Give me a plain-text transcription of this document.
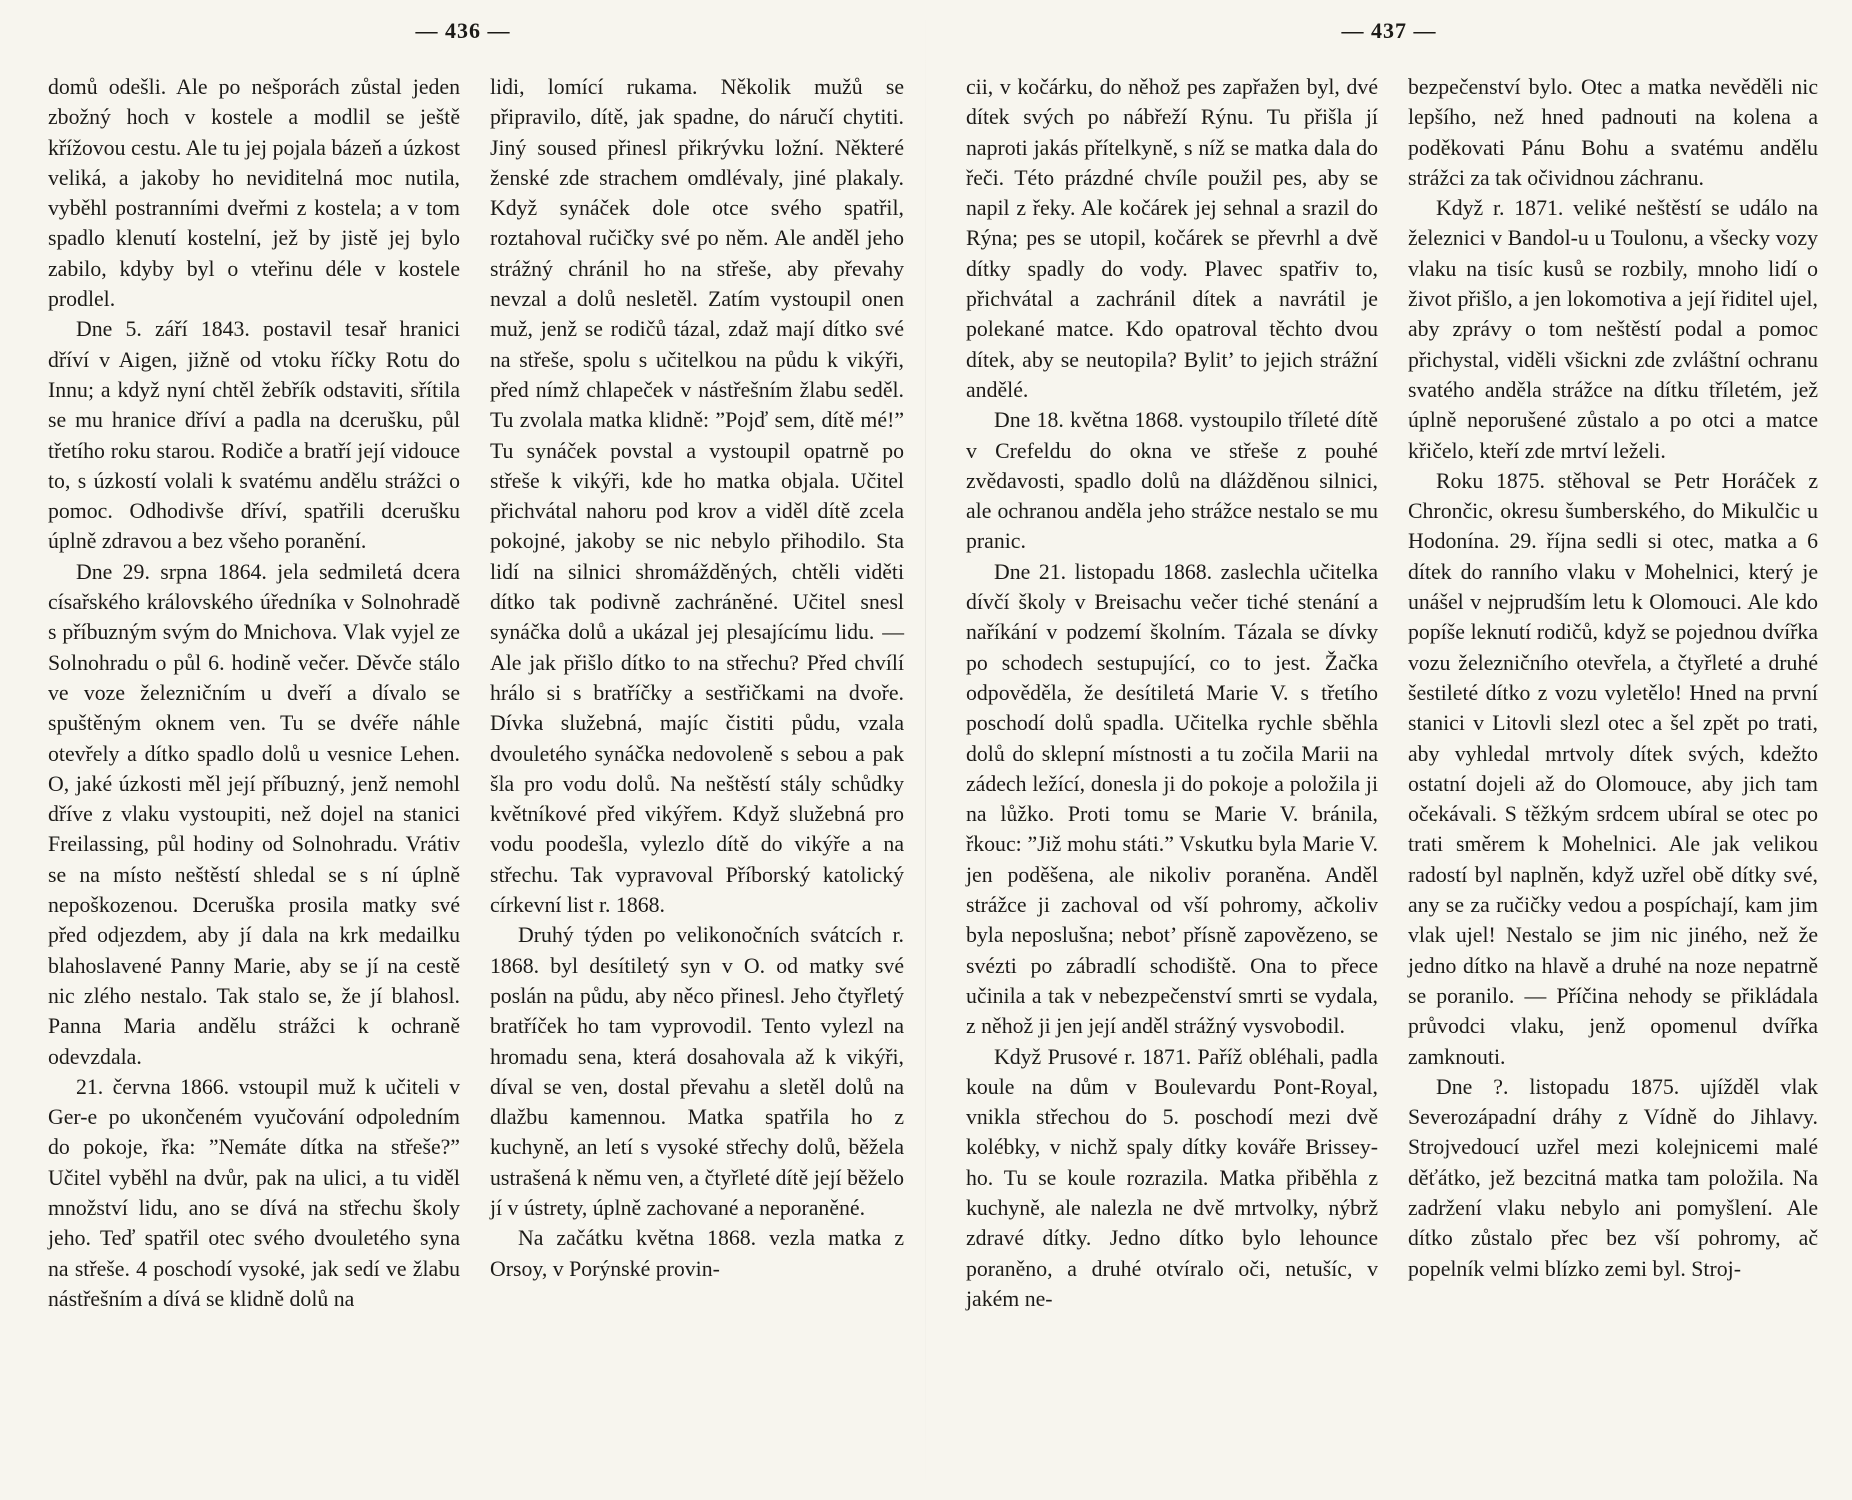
— 436 —

domů odešli. Ale po nešporách zůstal jeden zbožný hoch v kostele a modlil se ještě křížovou cestu. Ale tu jej pojala bázeň a úzkost veliká, a jakoby ho neviditelná moc nutila, vyběhl postranními dveřmi z kostela; a v tom spadlo klenutí kostelní, jež by jistě jej bylo zabilo, kdyby byl o vteřinu déle v kostele prodlel.

Dne 5. září 1843. postavil tesař hranici dříví v Aigen, jižně od vtoku říčky Rotu do Innu; a když nyní chtěl žebřík odstaviti, sřítila se mu hranice dříví a padla na dcerušku, půl třetího roku starou. Rodiče a bratří její vidouce to, s úzkostí volali k svatému andělu strážci o pomoc. Odhodivše dříví, spatřili dcerušku úplně zdravou a bez všeho poranění.

Dne 29. srpna 1864. jela sedmiletá dcera císařského královského úředníka v Solnohradě s příbuzným svým do Mnichova. Vlak vyjel ze Solnohradu o půl 6. hodině večer. Děvče stálo ve voze železničním u dveří a dívalo se spuštěným oknem ven. Tu se dvéře náhle otevřely a dítko spadlo dolů u vesnice Lehen. O, jaké úzkosti měl její příbuzný, jenž nemohl dříve z vlaku vystoupiti, než dojel na stanici Freilassing, půl hodiny od Solnohradu. Vrátiv se na místo neštěstí shledal se s ní úplně nepoškozenou. Dceruška prosila matky své před odjezdem, aby jí dala na krk medailku blahoslavené Panny Marie, aby se jí na cestě nic zlého nestalo. Tak stalo se, že jí blahosl. Panna Maria andělu strážci k ochraně odevzdala.

21. června 1866. vstoupil muž k učiteli v Ger-e po ukončeném vyučování odpoledním do pokoje, řka: ”Nemáte dítka na střeše?” Učitel vyběhl na dvůr, pak na ulici, a tu viděl množství lidu, ano se dívá na střechu školy jeho. Teď spatřil otec svého dvouletého syna na střeše. 4 poschodí vysoké, jak sedí ve žlabu nástřešním a dívá se klidně dolů na

lidi, lomící rukama. Několik mužů se připravilo, dítě, jak spadne, do náručí chytiti. Jiný soused přinesl přikrývku ložní. Některé ženské zde strachem omdlévaly, jiné plakaly. Když synáček dole otce svého spatřil, roztahoval ručičky své po něm. Ale anděl jeho strážný chránil ho na střeše, aby převahy nevzal a dolů nesletěl. Zatím vystoupil onen muž, jenž se rodičů tázal, zdaž mají dítko své na střeše, spolu s učitelkou na půdu k vikýři, před nímž chlapeček v nástřešním žlabu seděl. Tu zvolala matka klidně: ”Pojď sem, dítě mé!” Tu synáček povstal a vystoupil opatrně po střeše k vikýři, kde ho matka objala. Učitel přichvátal nahoru pod krov a viděl dítě zcela pokojné, jakoby se nic nebylo přihodilo. Sta lidí na silnici shromážděných, chtěli viděti dítko tak podivně zachráněné. Učitel snesl synáčka dolů a ukázal jej plesajícímu lidu. — Ale jak přišlo dítko to na střechu? Před chvílí hrálo si s bratříčky a sestřičkami na dvoře. Dívka služebná, majíc čistiti půdu, vzala dvouletého synáčka nedovoleně s sebou a pak šla pro vodu dolů. Na neštěstí stály schůdky květníkové před vikýřem. Když služebná pro vodu poodešla, vylezlo dítě do vikýře a na střechu. Tak vypravoval Příborský katolický církevní list r. 1868.

Druhý týden po velikonočních svátcích r. 1868. byl desítiletý syn v O. od matky své poslán na půdu, aby něco přinesl. Jeho čtyřletý bratříček ho tam vyprovodil. Tento vylezl na hromadu sena, která dosahovala až k vikýři, díval se ven, dostal převahu a sletěl dolů na dlažbu kamennou. Matka spatřila ho z kuchyně, an letí s vysoké střechy dolů, běžela ustrašená k němu ven, a čtyřleté dítě její běželo jí v ústrety, úplně zachované a neporaněné.

Na začátku května 1868. vezla matka z Orsoy, v Porýnské provin-

— 437 —

cii, v kočárku, do něhož pes zapřažen byl, dvé dítek svých po nábřeží Rýnu. Tu přišla jí naproti jakás přítelkyně, s níž se matka dala do řeči. Této prázdné chvíle použil pes, aby se napil z řeky. Ale kočárek jej sehnal a srazil do Rýna; pes se utopil, kočárek se převrhl a dvě dítky spadly do vody. Plavec spatřiv to, přichvátal a zachránil dítek a navrátil je polekané matce. Kdo opatroval těchto dvou dítek, aby se neutopila? Bylit’ to jejich strážní andělé.

Dne 18. května 1868. vystoupilo tříleté dítě v Crefeldu do okna ve střeše z pouhé zvědavosti, spadlo dolů na dlážděnou silnici, ale ochranou anděla jeho strážce nestalo se mu pranic.

Dne 21. listopadu 1868. zaslechla učitelka dívčí školy v Breisachu večer tiché stenání a naříkání v podzemí školním. Tázala se dívky po schodech sestupující, co to jest. Žačka odpověděla, že desítiletá Marie V. s třetího poschodí dolů spadla. Učitelka rychle sběhla dolů do sklepní místnosti a tu zočila Marii na zádech ležící, donesla ji do pokoje a položila ji na lůžko. Proti tomu se Marie V. bránila, řkouc: ”Již mohu státi.” Vskutku byla Marie V. jen poděšena, ale nikoliv poraněna. Anděl strážce ji zachoval od vší pohromy, ačkoliv byla neposlušna; nebot’ přísně zapovězeno, se svézti po zábradlí schodiště. Ona to přece učinila a tak v nebezpečenství smrti se vydala, z něhož ji jen její anděl strážný vysvobodil.

Když Prusové r. 1871. Paříž obléhali, padla koule na dům v Boulevardu Pont-Royal, vnikla střechou do 5. poschodí mezi dvě kolébky, v nichž spaly dítky kováře Brissey-ho. Tu se koule rozrazila. Matka přiběhla z kuchyně, ale nalezla ne dvě mrtvolky, nýbrž zdravé dítky. Jedno dítko bylo lehounce poraněno, a druhé otvíralo oči, netušíc, v jakém ne-

bezpečenství bylo. Otec a matka nevěděli nic lepšího, než hned padnouti na kolena a poděkovati Pánu Bohu a svatému andělu strážci za tak očividnou záchranu.

Když r. 1871. veliké neštěstí se událo na železnici v Bandol-u u Toulonu, a všecky vozy vlaku na tisíc kusů se rozbily, mnoho lidí o život přišlo, a jen lokomotiva a její řiditel ujel, aby zprávy o tom neštěstí podal a pomoc přichystal, viděli všickni zde zvláštní ochranu svatého anděla strážce na dítku tříletém, jež úplně neporušené zůstalo a po otci a matce křičelo, kteří zde mrtví leželi.

Roku 1875. stěhoval se Petr Horáček z Chrončic, okresu šumberského, do Mikulčic u Hodonína. 29. října sedli si otec, matka a 6 dítek do ranního vlaku v Mohelnici, který je unášel v nejprudším letu k Olomouci. Ale kdo popíše leknutí rodičů, když se pojednou dvířka vozu železničního otevřela, a čtyřleté a druhé šestileté dítko z vozu vyletělo! Hned na první stanici v Litovli slezl otec a šel zpět po trati, aby vyhledal mrtvoly dítek svých, kdežto ostatní dojeli až do Olomouce, aby jich tam očekávali. S těžkým srdcem ubíral se otec po trati směrem k Mohelnici. Ale jak velikou radostí byl naplněn, když uzřel obě dítky své, any se za ručičky vedou a pospíchají, kam jim vlak ujel! Nestalo se jim nic jiného, než že jedno dítko na hlavě a druhé na noze nepatrně se poranilo. — Příčina nehody se přikládala průvodci vlaku, jenž opomenul dvířka zamknouti.

Dne ?. listopadu 1875. ujížděl vlak Severozápadní dráhy z Vídně do Jihlavy. Strojvedoucí uzřel mezi kolejnicemi malé děťátko, jež bezcitná matka tam položila. Na zadržení vlaku nebylo ani pomyšlení. Ale dítko zůstalo přec bez vší pohromy, ač popelník velmi blízko zemi byl. Stroj-
